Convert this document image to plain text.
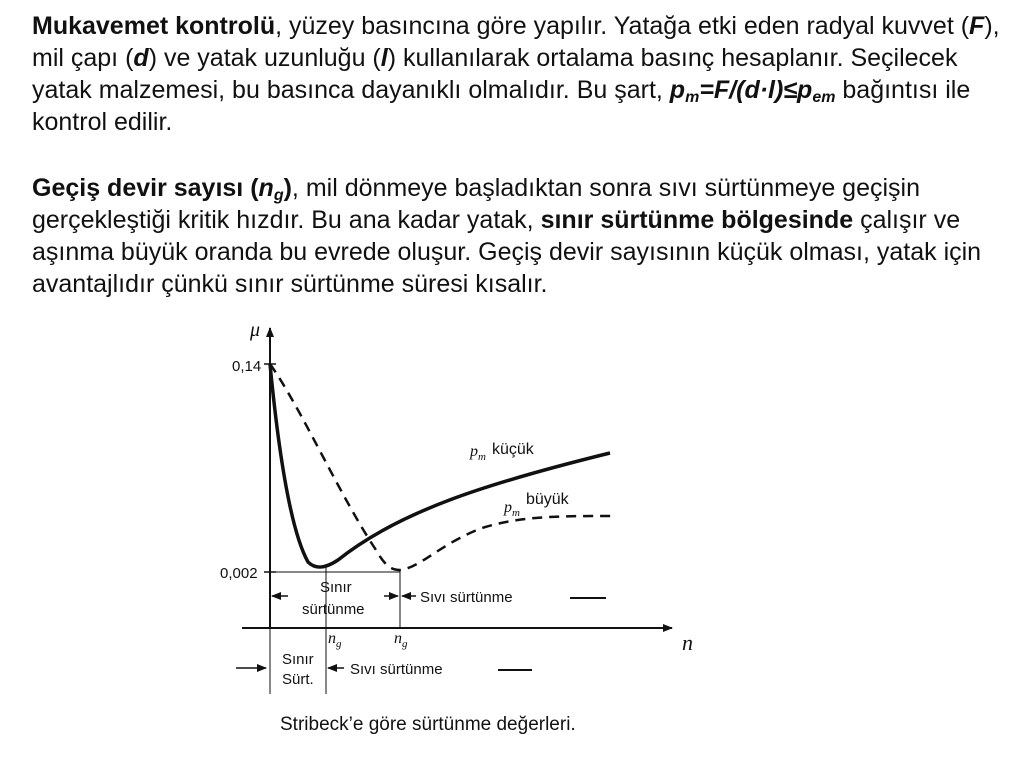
Mukavemet kontrolü, yüzey basıncına göre yapılır. Yatağa etki eden radyal kuvvet (F), mil çapı (d) ve yatak uzunluğu (l) kullanılarak ortalama basınç hesaplanır. Seçilecek yatak malzemesi, bu basınca dayanıklı olmalıdır. Bu şart, $p_m=F/(d\cdot l)\le p_{em}$ bağıntısı ile kontrol edilir.

Geçiş devir sayısı $(n_g)$, mil dönmeye başladıktan sonra sıvı sürtünmeye geçişin gerçekleştiği kritik hızdır. Bu ana kadar yatak, sınır sürtünme bölgesinde çalışır ve aşınma büyük oranda bu evrede oluşur. Geçiş devir sayısının küçük olması, yatak için avantajlıdır çünkü sınır sürtünme süresi kısalır.

μ
n
0,14
0,002
$p_m$ küçük
$p_mbüyük$
$n_g$	$n_g$
Sınır
sürtünme
Sıvı sürtünme
Sınır
Sürt.
Sıvı sürtünme
Stribeck’e göre sürtünme değerleri.
